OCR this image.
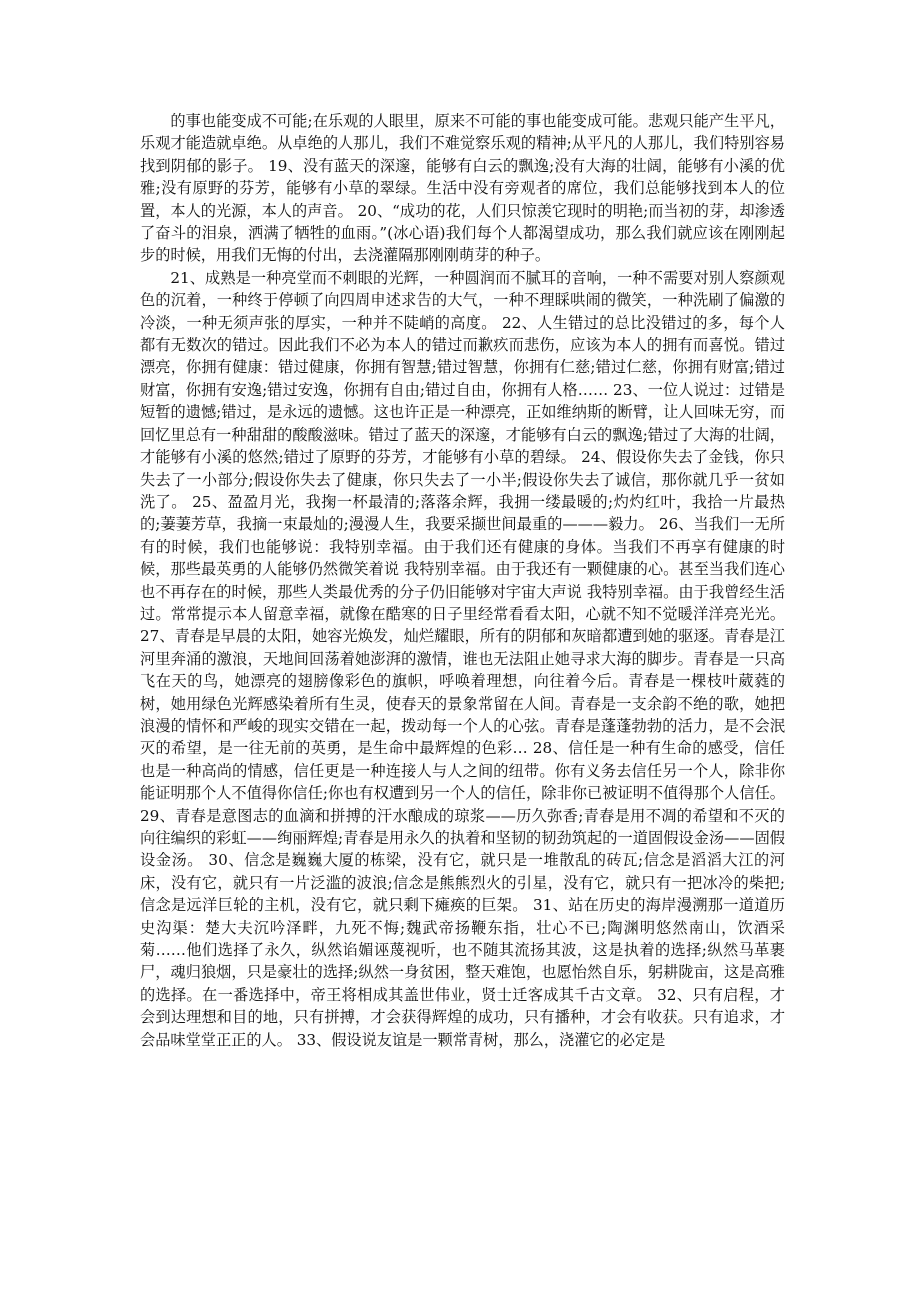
的事也能变成不可能;在乐观的人眼里，原来不可能的事也能变成可能。悲观只能产生平凡，乐观才能造就卓绝。从卓绝的人那儿，我们不难觉察乐观的精神;从平凡的人那儿，我们特别容易找到阴郁的影子。 19、没有蓝天的深邃，能够有白云的飘逸;没有大海的壮阔，能够有小溪的优雅;没有原野的芬芳，能够有小草的翠绿。生活中没有旁观者的席位，我们总能够找到本人的位置，本人的光源，本人的声音。 20、“成功的花，人们只惊羡它现时的明艳;而当初的芽，却渗透了奋斗的泪泉，洒满了牺牲的血雨。”(冰心语)我们每个人都渴望成功，那么我们就应该在刚刚起步的时候，用我们无悔的付出，去浇灌隔那刚刚萌芽的种子。

21、成熟是一种亮堂而不刺眼的光辉，一种圆润而不腻耳的音响，一种不需要对别人察颜观色的沉着，一种终于停顿了向四周申述求告的大气，一种不理睬哄闹的微笑，一种洗刷了偏激的冷淡，一种无须声张的厚实，一种并不陡峭的高度。 22、人生错过的总比没错过的多，每个人都有无数次的错过。因此我们不必为本人的错过而歉疚而悲伤，应该为本人的拥有而喜悦。错过漂亮，你拥有健康：错过健康，你拥有智慧;错过智慧，你拥有仁慈;错过仁慈，你拥有财富;错过财富，你拥有安逸;错过安逸，你拥有自由;错过自由，你拥有人格…… 23、一位人说过：过错是短暂的遗憾;错过，是永远的遗憾。这也许正是一种漂亮，正如维纳斯的断臂，让人回味无穷，而回忆里总有一种甜甜的酸酸滋味。错过了蓝天的深邃，才能够有白云的飘逸;错过了大海的壮阔，才能够有小溪的悠然;错过了原野的芬芳，才能够有小草的碧绿。 24、假设你失去了金钱，你只失去了一小部分;假设你失去了健康，你只失去了一小半;假设你失去了诚信，那你就几乎一贫如洗了。 25、盈盈月光，我掬一杯最清的;落落余辉，我拥一缕最暖的;灼灼红叶，我拾一片最热的;萋萋芳草，我摘一束最灿的;漫漫人生，我要采撷世间最重的———毅力。 26、当我们一无所有的时候，我们也能够说：我特别幸福。由于我们还有健康的身体。当我们不再享有健康的时候，那些最英勇的人能够仍然微笑着说 我特别幸福。由于我还有一颗健康的心。甚至当我们连心也不再存在的时候，那些人类最优秀的分子仍旧能够对宇宙大声说 我特别幸福。由于我曾经生活过。常常提示本人留意幸福，就像在酷寒的日子里经常看看太阳，心就不知不觉暖洋洋亮光光。 27、青春是早晨的太阳，她容光焕发，灿烂耀眼，所有的阴郁和灰暗都遭到她的驱逐。青春是江河里奔涌的激浪，天地间回荡着她澎湃的激情，谁也无法阻止她寻求大海的脚步。青春是一只高飞在天的鸟，她漂亮的翅膀像彩色的旗帜，呼唤着理想，向往着今后。青春是一棵枝叶葳蕤的树，她用绿色光辉感染着所有生灵，使春天的景象常留在人间。青春是一支余韵不绝的歌，她把浪漫的情怀和严峻的现实交错在一起，拨动每一个人的心弦。青春是蓬蓬勃勃的活力，是不会泯灭的希望，是一往无前的英勇，是生命中最辉煌的色彩… 28、信任是一种有生命的感受，信任也是一种高尚的情感，信任更是一种连接人与人之间的纽带。你有义务去信任另一个人，除非你能证明那个人不值得你信任;你也有权遭到另一个人的信任，除非你已被证明不值得那个人信任。 29、青春是意图志的血滴和拼搏的汗水酿成的琼浆——历久弥香;青春是用不凋的希望和不灭的向往编织的彩虹——绚丽辉煌;青春是用永久的执着和坚韧的韧劲筑起的一道固假设金汤——固假设金汤。 30、信念是巍巍大厦的栋梁，没有它，就只是一堆散乱的砖瓦;信念是滔滔大江的河床，没有它，就只有一片泛滥的波浪;信念是熊熊烈火的引星，没有它，就只有一把冰冷的柴把;信念是远洋巨轮的主机，没有它，就只剩下瘫痪的巨架。 31、站在历史的海岸漫溯那一道道历史沟渠：楚大夫沉吟泽畔，九死不悔;魏武帝扬鞭东指，壮心不已;陶渊明悠然南山，饮酒采菊……他们选择了永久，纵然谄媚诬蔑视听，也不随其流扬其波，这是执着的选择;纵然马革裹尸，魂归狼烟，只是豪壮的选择;纵然一身贫困，整天难饱，也愿怡然自乐，躬耕陇亩，这是高雅的选择。在一番选择中，帝王将相成其盖世伟业，贤士迁客成其千古文章。 32、只有启程，才会到达理想和目的地，只有拼搏，才会获得辉煌的成功，只有播种，才会有收获。只有追求，才会品味堂堂正正的人。 33、假设说友谊是一颗常青树，那么，浇灌它的必定是
